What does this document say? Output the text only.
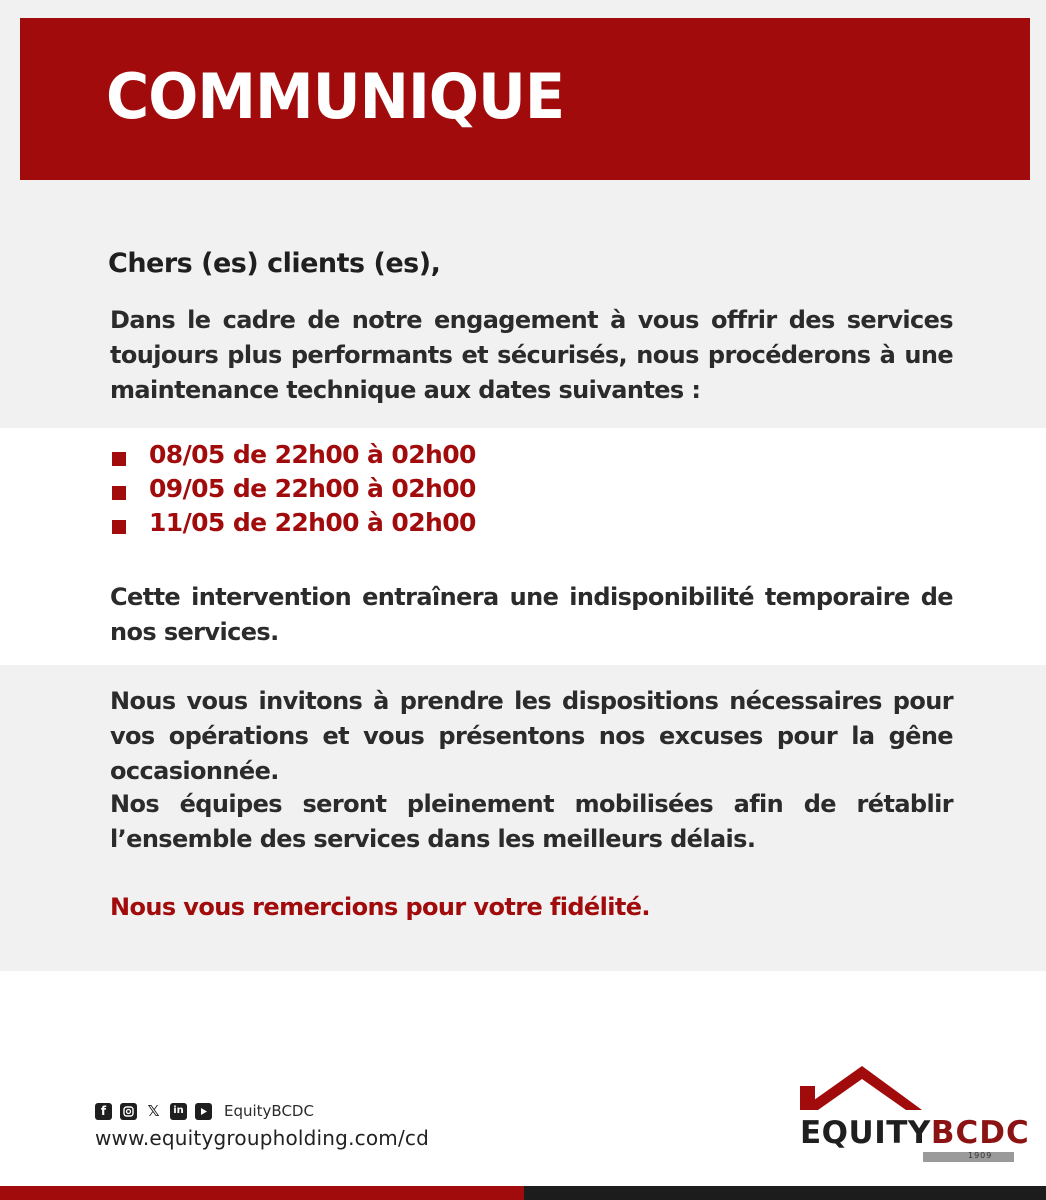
COMMUNIQUE
Chers (es) clients (es),
Dans le cadre de notre engagement à vous offrir des services toujours plus performants et sécurisés, nous procéderons à une maintenance technique aux dates suivantes :
08/05 de 22h00 à 02h00
09/05 de 22h00 à 02h00
11/05 de 22h00 à 02h00
Cette intervention entraînera une indisponibilité temporaire de nos services.
Nous vous invitons à prendre les dispositions nécessaires pour vos opérations et vous présentons nos excuses pour la gêne occasionnée.
Nos équipes seront pleinement mobilisées afin de rétablir l’ensemble des services dans les meilleurs délais.
Nous vous remercions pour votre fidélité.
f	𝕏	in	EquityBCDC
www.equitygroupholding.com/cd	EQUITYBCDC
1909
